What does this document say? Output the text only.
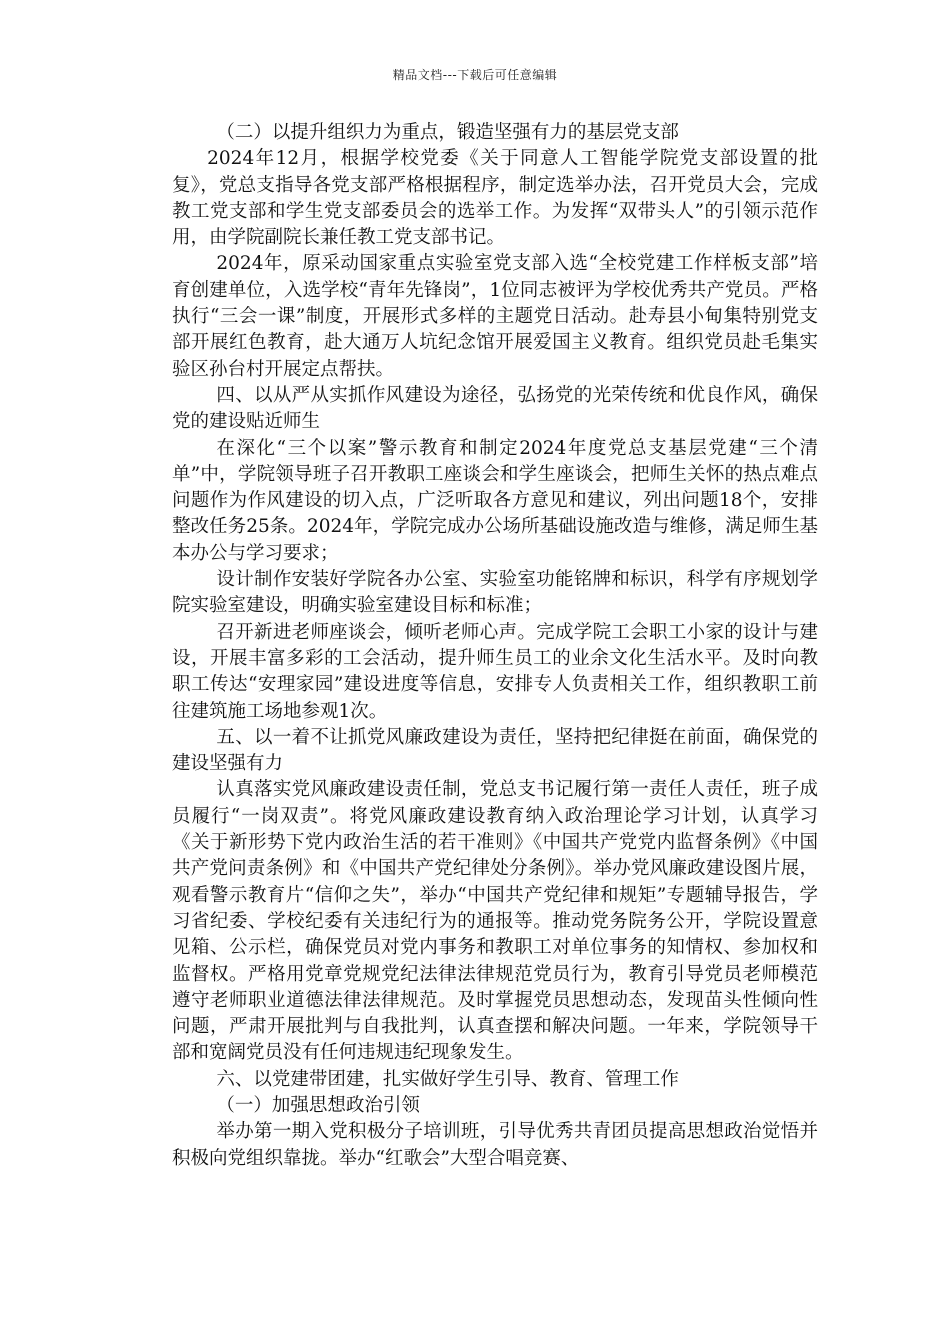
精品文档---下载后可任意编辑

（二）以提升组织力为重点，锻造坚强有力的基层党支部

2024年12月，根据学校党委《关于同意人工智能学院党支部设置的批复》，党总支指导各党支部严格根据程序，制定选举办法，召开党员大会，完成教工党支部和学生党支部委员会的选举工作。为发挥“双带头人”的引领示范作用，由学院副院长兼任教工党支部书记。

2024年，原采动国家重点实验室党支部入选“全校党建工作样板支部”培育创建单位，入选学校“青年先锋岗”，1位同志被评为学校优秀共产党员。严格执行“三会一课”制度，开展形式多样的主题党日活动。赴寿县小甸集特别党支部开展红色教育，赴大通万人坑纪念馆开展爱国主义教育。组织党员赴毛集实验区孙台村开展定点帮扶。

四、以从严从实抓作风建设为途径，弘扬党的光荣传统和优良作风，确保党的建设贴近师生

在深化“三个以案”警示教育和制定2024年度党总支基层党建“三个清单”中，学院领导班子召开教职工座谈会和学生座谈会，把师生关怀的热点难点问题作为作风建设的切入点，广泛听取各方意见和建议，列出问题18个，安排整改任务25条。2024年，学院完成办公场所基础设施改造与维修，满足师生基本办公与学习要求；

设计制作安装好学院各办公室、实验室功能铭牌和标识，科学有序规划学院实验室建设，明确实验室建设目标和标准；

召开新进老师座谈会，倾听老师心声。完成学院工会职工小家的设计与建设，开展丰富多彩的工会活动，提升师生员工的业余文化生活水平。及时向教职工传达“安理家园”建设进度等信息，安排专人负责相关工作，组织教职工前往建筑施工场地参观1次。

五、以一着不让抓党风廉政建设为责任，坚持把纪律挺在前面，确保党的建设坚强有力

认真落实党风廉政建设责任制，党总支书记履行第一责任人责任，班子成员履行“一岗双责”。将党风廉政建设教育纳入政治理论学习计划，认真学习《关于新形势下党内政治生活的若干准则》《中国共产党党内监督条例》《中国共产党问责条例》和《中国共产党纪律处分条例》。举办党风廉政建设图片展，观看警示教育片“信仰之失”，举办“中国共产党纪律和规矩”专题辅导报告，学习省纪委、学校纪委有关违纪行为的通报等。推动党务院务公开，学院设置意见箱、公示栏，确保党员对党内事务和教职工对单位事务的知情权、参加权和监督权。严格用党章党规党纪法律法律规范党员行为，教育引导党员老师模范遵守老师职业道德法律法律规范。及时掌握党员思想动态，发现苗头性倾向性问题，严肃开展批判与自我批判，认真查摆和解决问题。一年来，学院领导干部和宽阔党员没有任何违规违纪现象发生。

六、以党建带团建，扎实做好学生引导、教育、管理工作

（一）加强思想政治引领

举办第一期入党积极分子培训班，引导优秀共青团员提高思想政治觉悟并积极向党组织靠拢。举办“红歌会”大型合唱竞赛、
